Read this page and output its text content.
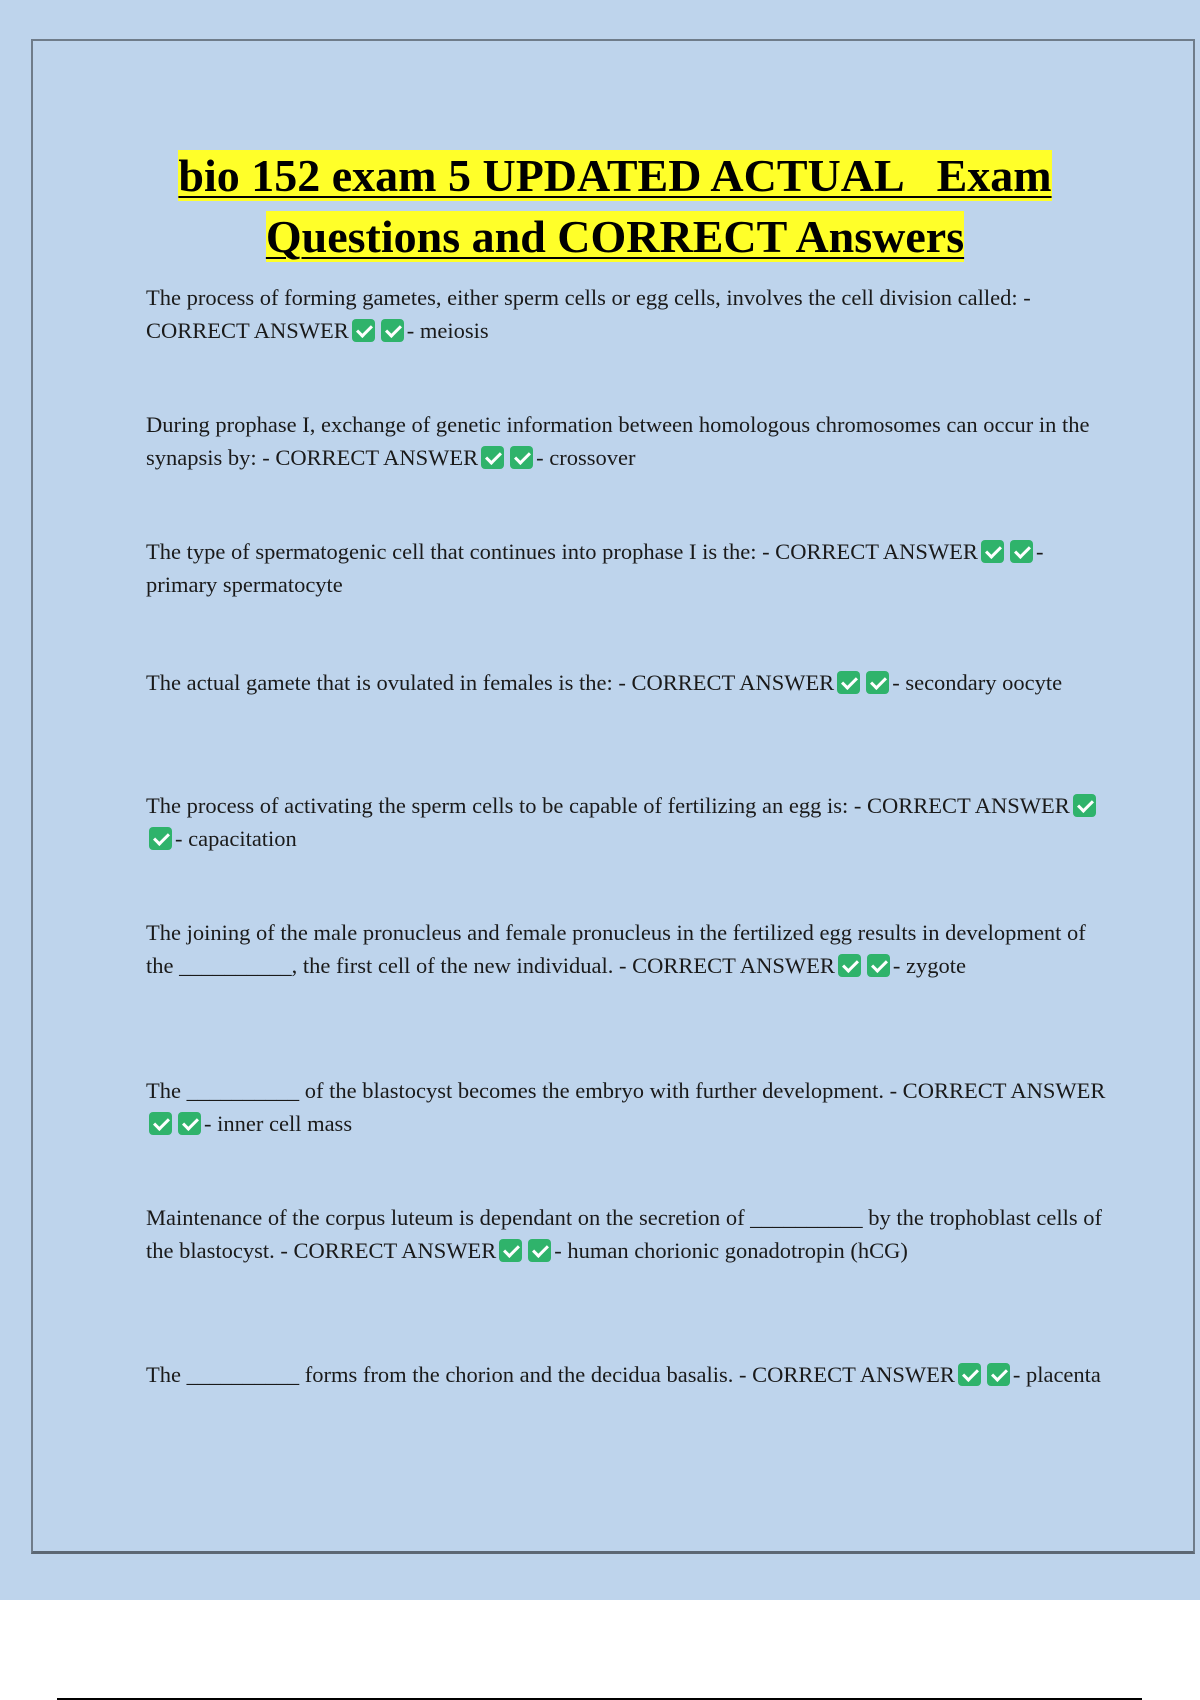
bio 152 exam 5 UPDATED ACTUAL   Exam
Questions and CORRECT Answers

The process of forming gametes, either sperm cells or egg cells, involves the cell division called: - CORRECT ANSWER	- meiosis

During prophase I, exchange of genetic information between homologous chromosomes can occur in the synapsis by: - CORRECT ANSWER	- crossover

The type of spermatogenic cell that continues into prophase I is the: - CORRECT ANSWER	- primary spermatocyte

The actual gamete that is ovulated in females is the: - CORRECT ANSWER	- secondary oocyte

The process of activating the sperm cells to be capable of fertilizing an egg is: - CORRECT ANSWER- capacitation

The joining of the male pronucleus and female pronucleus in the fertilized egg results in development of the __________, the first cell of the new individual. - CORRECT ANSWER	- zygote

The __________ of the blastocyst becomes the embryo with further development. - CORRECT ANSWER- inner cell mass

Maintenance of the corpus luteum is dependant on the secretion of __________ by the trophoblast cells of the blastocyst. - CORRECT ANSWER	- human chorionic gonadotropin (hCG)

The __________ forms from the chorion and the decidua basalis. - CORRECT ANSWER	- placenta
